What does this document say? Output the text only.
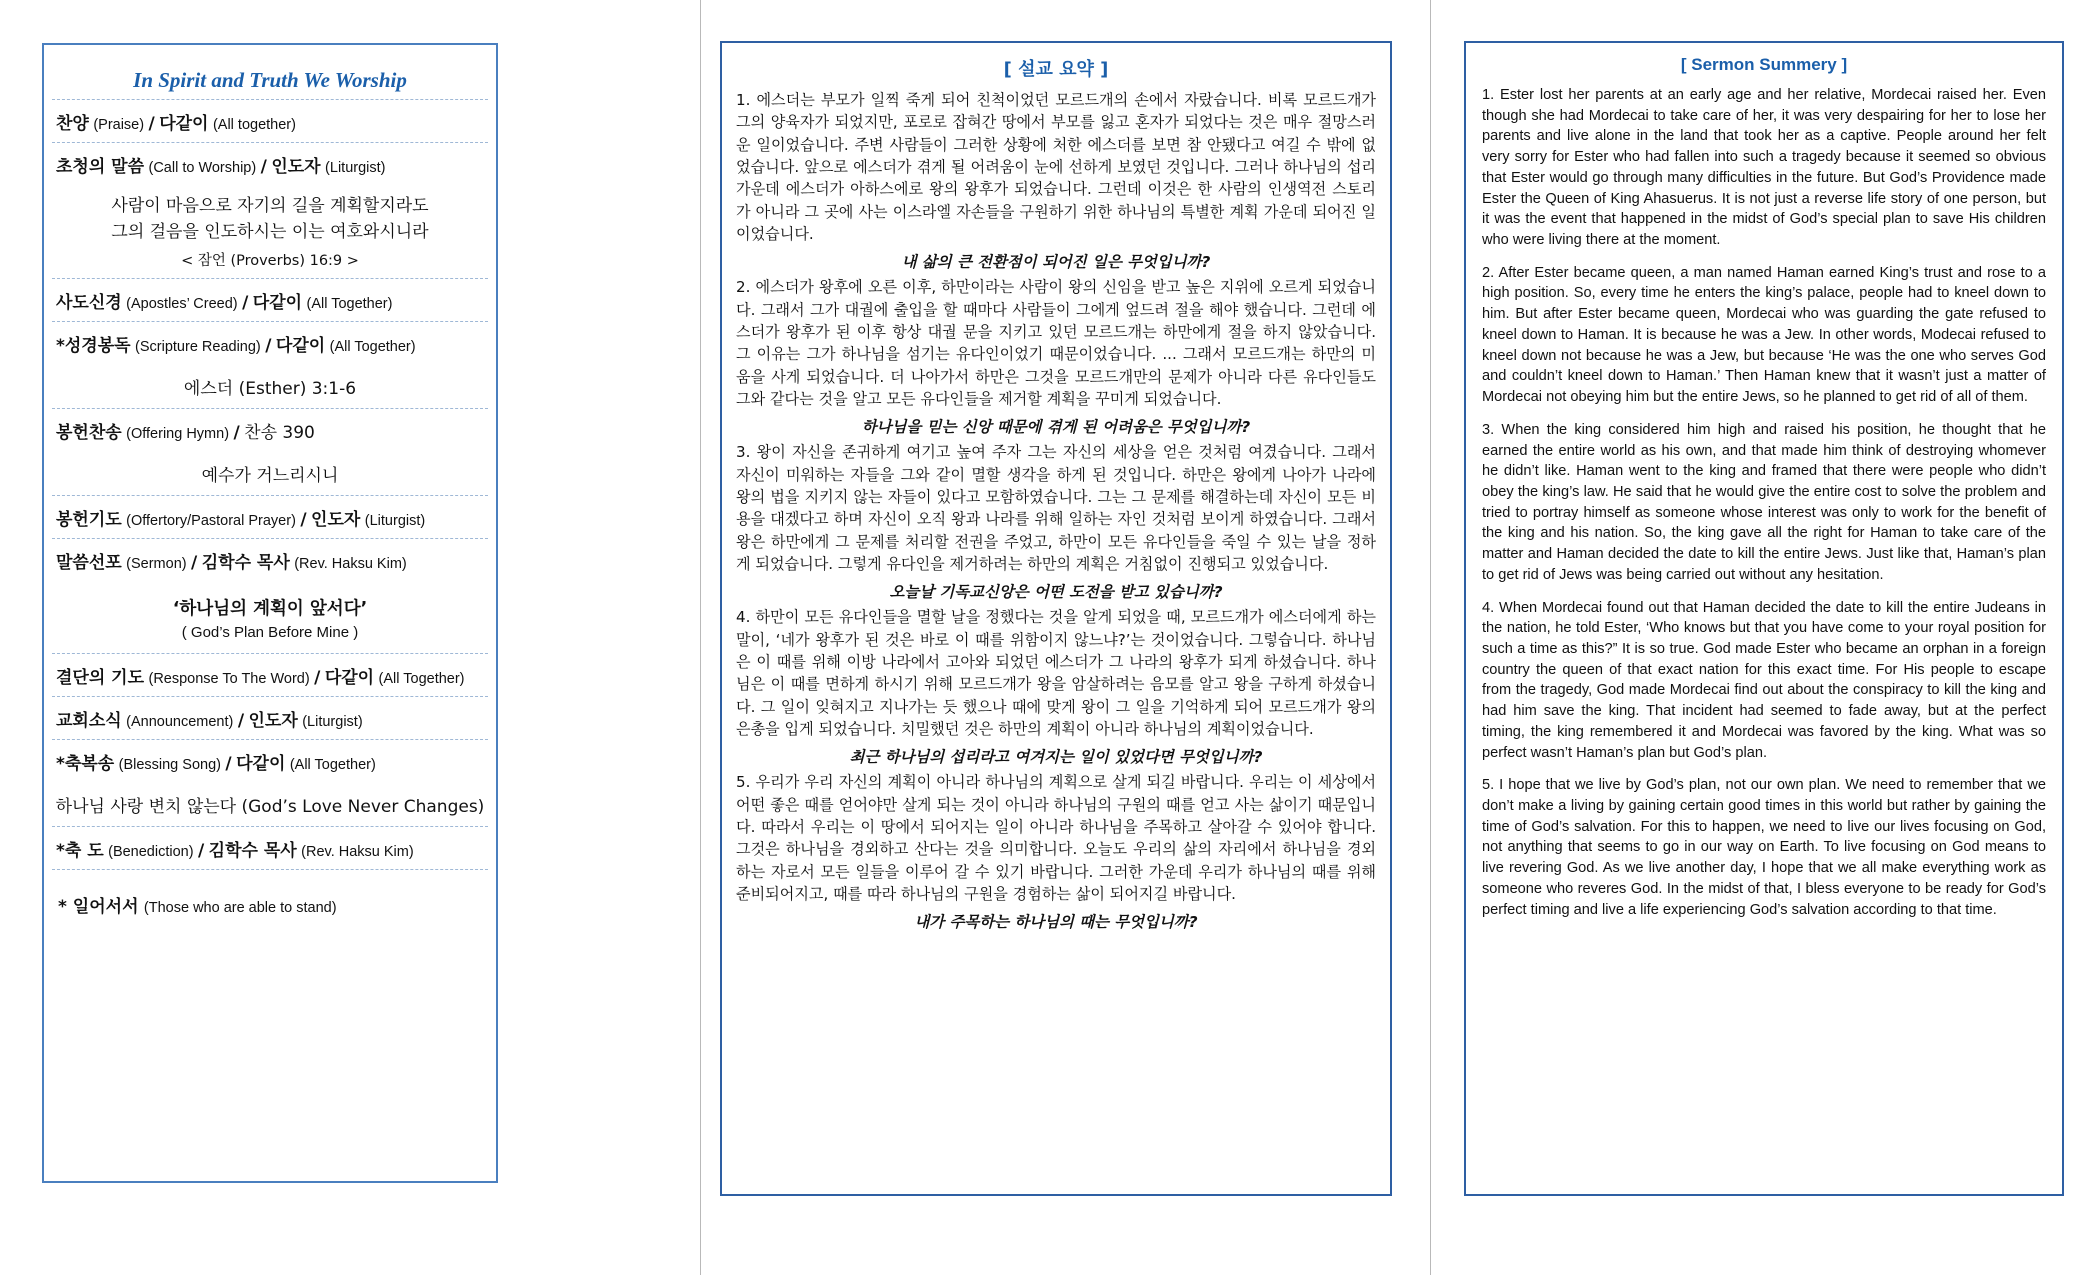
In Spirit and Truth We Worship
찬양 (Praise) / 다같이 (All together)
초청의 말씀 (Call to Worship) / 인도자 (Liturgist)
사람이 마음으로 자기의 길을 계획할지라도
그의 걸음을 인도하시는 이는 여호와시니라
< 잠언 (Proverbs) 16:9 >
사도신경 (Apostles’ Creed) / 다같이 (All Together)
*성경봉독 (Scripture Reading) / 다같이 (All Together)
에스더 (Esther) 3:1-6
봉헌찬송 (Offering Hymn) / 찬송 390
예수가 거느리시니
봉헌기도 (Offertory/Pastoral Prayer) / 인도자 (Liturgist)
말씀선포 (Sermon) / 김학수 목사 (Rev. Haksu Kim)
‘하나님의 계획이 앞서다’
( God’s Plan Before Mine )
결단의 기도 (Response To The Word) / 다같이 (All Together)
교회소식 (Announcement) / 인도자 (Liturgist)
*축복송 (Blessing Song) / 다같이 (All Together)
하나님 사랑 변치 않는다 (God’s Love Never Changes)
*축 도 (Benediction) / 김학수 목사 (Rev. Haksu Kim)
* 일어서서 (Those who are able to stand)
[ 설교 요약 ]

1. 에스더는 부모가 일찍 죽게 되어 친척이었던 모르드개의 손에서 자랐습니다. 비록 모르드개가 그의 양육자가 되었지만, 포로로 잡혀간 땅에서 부모를 잃고 혼자가 되었다는 것은 매우 절망스러운 일이었습니다. 주변 사람들이 그러한 상황에 처한 에스더를 보면 참 안됐다고 여길 수 밖에 없었습니다. 앞으로 에스더가 겪게 될 어려움이 눈에 선하게 보였던 것입니다. 그러나 하나님의 섭리 가운데 에스더가 아하스에로 왕의 왕후가 되었습니다. 그런데 이것은 한 사람의 인생역전 스토리가 아니라 그 곳에 사는 이스라엘 자손들을 구원하기 위한 하나님의 특별한 계획 가운데 되어진 일이었습니다.

내 삶의 큰 전환점이 되어진 일은 무엇입니까?

2. 에스더가 왕후에 오른 이후, 하만이라는 사람이 왕의 신임을 받고 높은 지위에 오르게 되었습니다. 그래서 그가 대궐에 출입을 할 때마다 사람들이 그에게 엎드려 절을 해야 했습니다. 그런데 에스더가 왕후가 된 이후 항상 대궐 문을 지키고 있던 모르드개는 하만에게 절을 하지 않았습니다. 그 이유는 그가 하나님을 섬기는 유다인이었기 때문이었습니다. ... 그래서 모르드개는 하만의 미움을 사게 되었습니다. 더 나아가서 하만은 그것을 모르드개만의 문제가 아니라 다른 유다인들도 그와 같다는 것을 알고 모든 유다인들을 제거할 계획을 꾸미게 되었습니다.

하나님을 믿는 신앙 때문에 겪게 된 어려움은 무엇입니까?

3. 왕이 자신을 존귀하게 여기고 높여 주자 그는 자신의 세상을 얻은 것처럼 여겼습니다. 그래서 자신이 미워하는 자들을 그와 같이 멸할 생각을 하게 된 것입니다. 하만은 왕에게 나아가 나라에 왕의 법을 지키지 않는 자들이 있다고 모함하였습니다. 그는 그 문제를 해결하는데 자신이 모든 비용을 대겠다고 하며 자신이 오직 왕과 나라를 위해 일하는 자인 것처럼 보이게 하였습니다. 그래서 왕은 하만에게 그 문제를 처리할 전권을 주었고, 하만이 모든 유다인들을 죽일 수 있는 날을 정하게 되었습니다. 그렇게 유다인을 제거하려는 하만의 계획은 거침없이 진행되고 있었습니다.

오늘날 기독교신앙은 어떤 도전을 받고 있습니까?

4. 하만이 모든 유다인들을 멸할 날을 정했다는 것을 알게 되었을 때, 모르드개가 에스더에게 하는 말이, ‘네가 왕후가 된 것은 바로 이 때를 위함이지 않느냐?’는 것이었습니다. 그렇습니다. 하나님은 이 때를 위해 이방 나라에서 고아와 되었던 에스더가 그 나라의 왕후가 되게 하셨습니다. 하나님은 이 때를 면하게 하시기 위해 모르드개가 왕을 암살하려는 음모를 알고 왕을 구하게 하셨습니다. 그 일이 잊혀지고 지나가는 듯 했으나 때에 맞게 왕이 그 일을 기억하게 되어 모르드개가 왕의 은총을 입게 되었습니다. 치밀했던 것은 하만의 계획이 아니라 하나님의 계획이었습니다.

최근 하나님의 섭리라고 여겨지는 일이 있었다면 무엇입니까?

5. 우리가 우리 자신의 계획이 아니라 하나님의 계획으로 살게 되길 바랍니다. 우리는 이 세상에서 어떤 좋은 때를 얻어야만 살게 되는 것이 아니라 하나님의 구원의 때를 얻고 사는 삶이기 때문입니다. 따라서 우리는 이 땅에서 되어지는 일이 아니라 하나님을 주목하고 살아갈 수 있어야 합니다. 그것은 하나님을 경외하고 산다는 것을 의미합니다. 오늘도 우리의 삶의 자리에서 하나님을 경외하는 자로서 모든 일들을 이루어 갈 수 있기 바랍니다. 그러한 가운데 우리가 하나님의 때를 위해 준비되어지고, 때를 따라 하나님의 구원을 경험하는 삶이 되어지길 바랍니다.

내가 주목하는 하나님의 때는 무엇입니까?

[ Sermon Summery ]

1. Ester lost her parents at an early age and her relative, Mordecai raised her. Even though she had Mordecai to take care of her, it was very despairing for her to lose her parents and live alone in the land that took her as a captive. People around her felt very sorry for Ester who had fallen into such a tragedy because it seemed so obvious that Ester would go through many difficulties in the future. But God’s Providence made Ester the Queen of King Ahasuerus. It is not just a reverse life story of one person, but it was the event that happened in the midst of God’s special plan to save His children who were living there at the moment.

2. After Ester became queen, a man named Haman earned King’s trust and rose to a high position. So, every time he enters the king’s palace, people had to kneel down to him. But after Ester became queen, Mordecai who was guarding the gate refused to kneel down to Haman. It is because he was a Jew. In other words, Modecai refused to kneel down not because he was a Jew, but because ‘He was the one who serves God and couldn’t kneel down to Haman.’ Then Haman knew that it wasn’t just a matter of Mordecai not obeying him but the entire Jews, so he planned to get rid of all of them.

3. When the king considered him high and raised his position, he thought that he earned the entire world as his own, and that made him think of destroying whomever he didn’t like. Haman went to the king and framed that there were people who didn’t obey the king’s law. He said that he would give the entire cost to solve the problem and tried to portray himself as someone whose interest was only to work for the benefit of the king and his nation. So, the king gave all the right for Haman to take care of the matter and Haman decided the date to kill the entire Jews. Just like that, Haman’s plan to get rid of Jews was being carried out without any hesitation.

4. When Mordecai found out that Haman decided the date to kill the entire Judeans in the nation, he told Ester, ‘Who knows but that you have come to your royal position for such a time as this?” It is so true. God made Ester who became an orphan in a foreign country the queen of that exact nation for this exact time. For His people to escape from the tragedy, God made Mordecai find out about the conspiracy to kill the king and had him save the king. That incident had seemed to fade away, but at the perfect timing, the king remembered it and Mordecai was favored by the king. What was so perfect wasn’t Haman’s plan but God’s plan.

5. I hope that we live by God’s plan, not our own plan. We need to remember that we don’t make a living by gaining certain good times in this world but rather by gaining the time of God’s salvation. For this to happen, we need to live our lives focusing on God, not anything that seems to go in our way on Earth. To live focusing on God means to live revering God. As we live another day, I hope that we all make everything work as someone who reveres God. In the midst of that, I bless everyone to be ready for God’s perfect timing and live a life experiencing God’s salvation according to that time.
